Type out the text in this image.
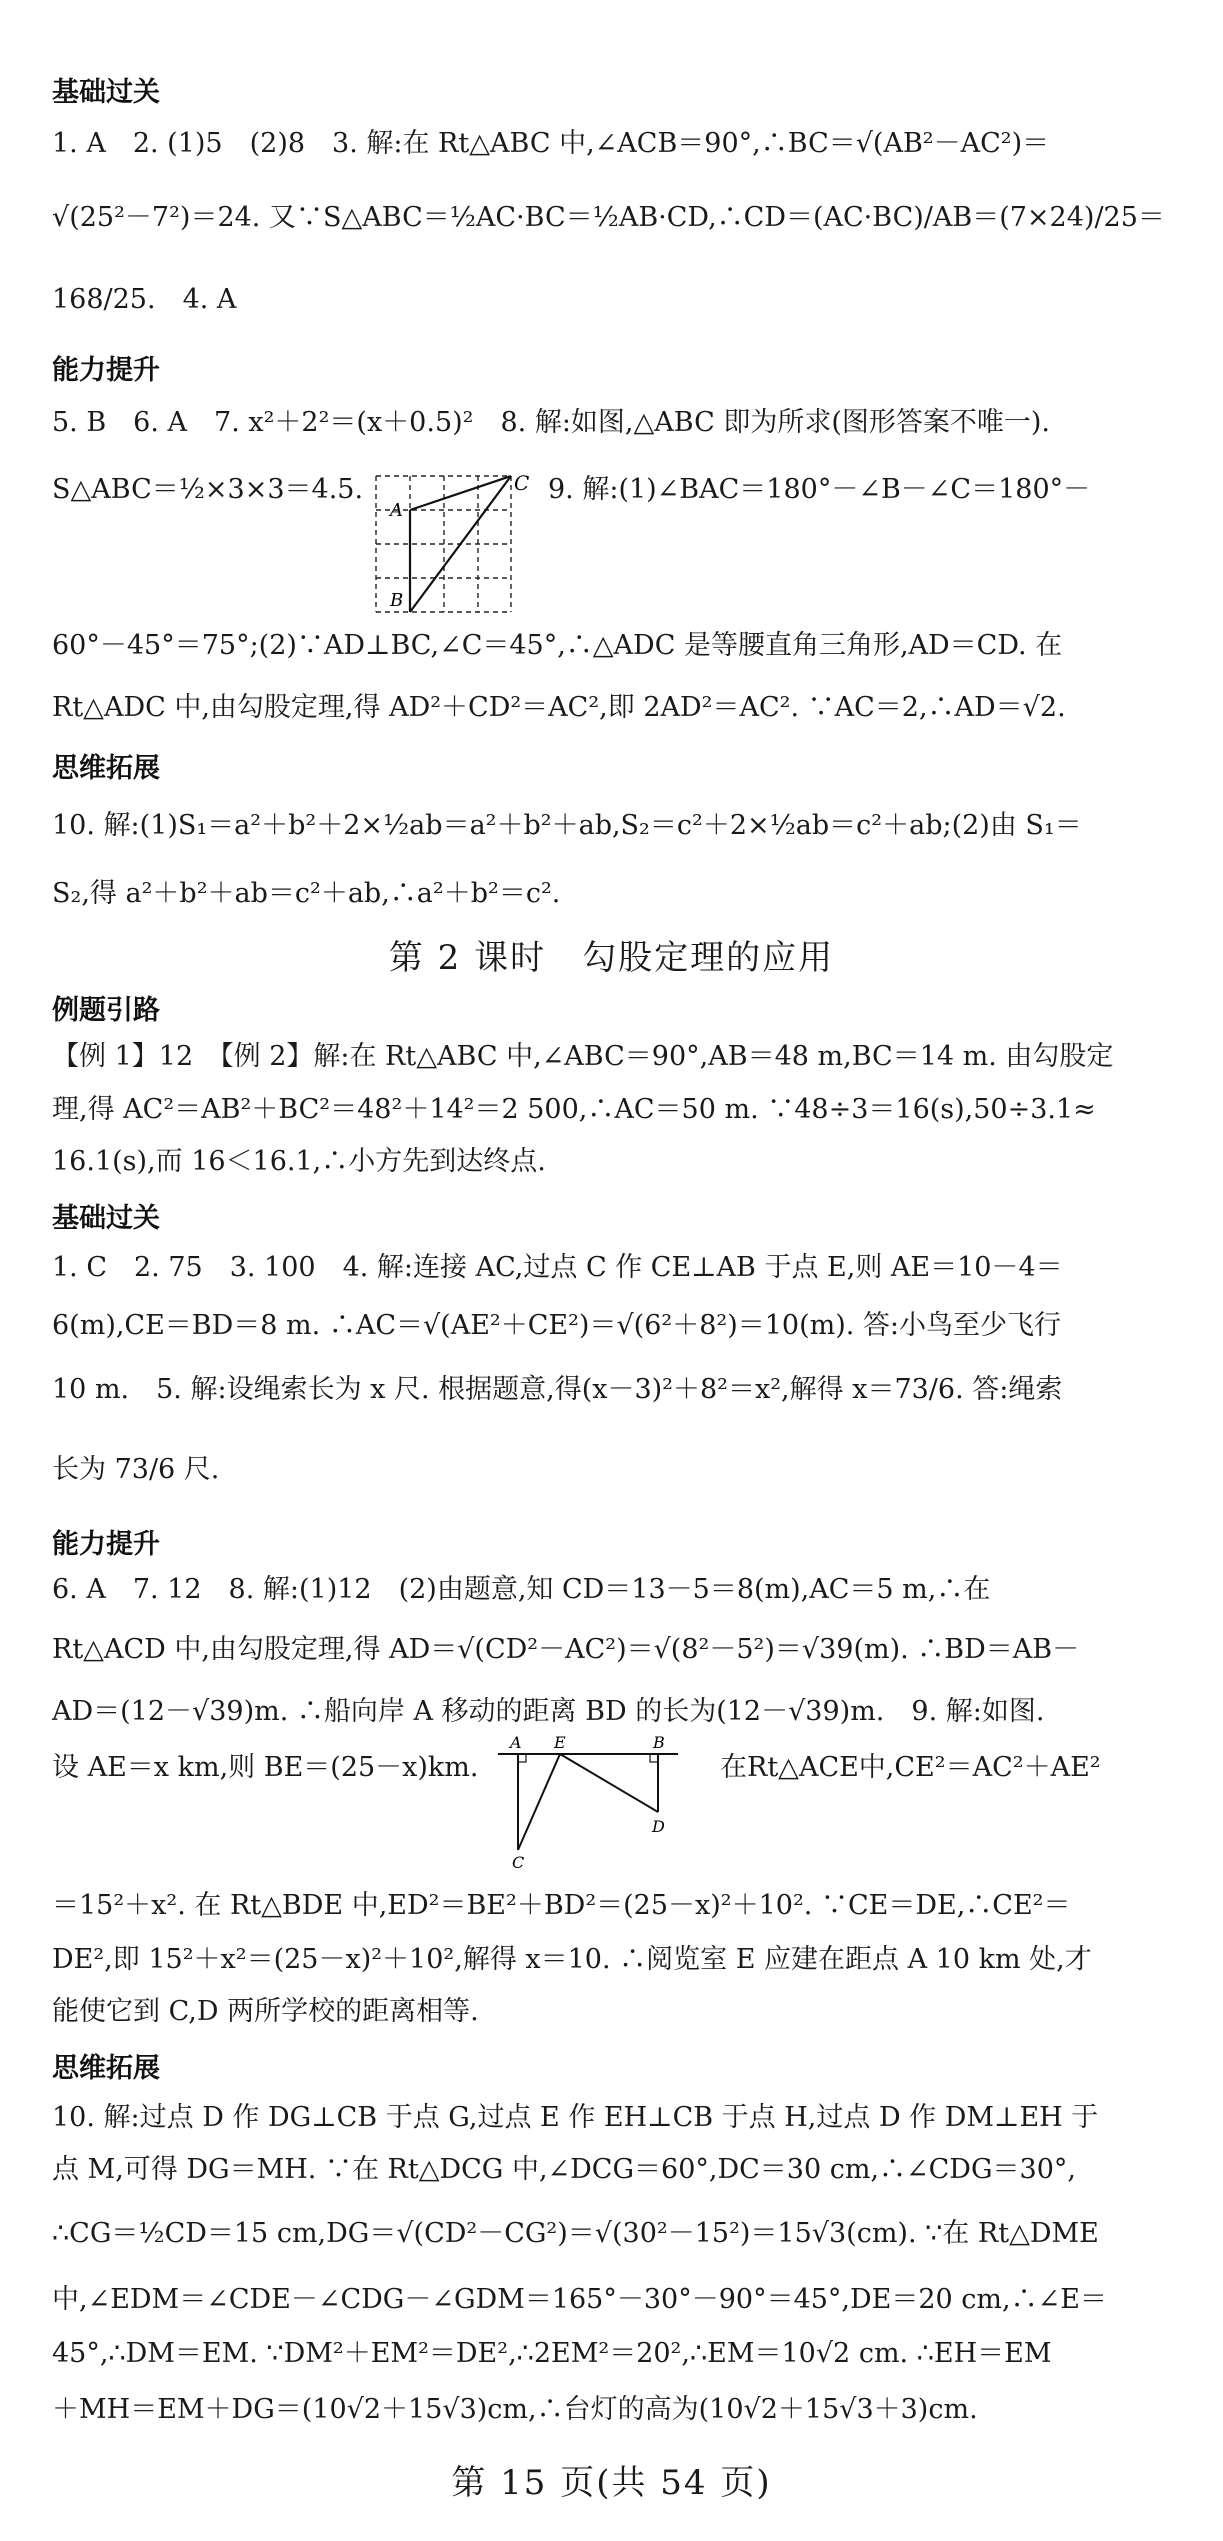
基础过关
1. A　2. (1)5　(2)8　3. 解:在 Rt△ABC 中,∠ACB＝90°,∴BC＝√(AB²－AC²)＝
√(25²－7²)＝24. 又∵S△ABC＝½AC·BC＝½AB·CD,∴CD＝(AC·BC)/AB＝(7×24)/25＝
168/25.　4. A
能力提升
5. B　6. A　7. x²＋2²＝(x＋0.5)²　8. 解:如图,△ABC 即为所求(图形答案不唯一).
S△ABC＝½×3×3＝4.5.
A
B
C 9. 解:(1)∠BAC＝180°－∠B－∠C＝180°－
60°－45°＝75°;(2)∵AD⊥BC,∠C＝45°,∴△ADC 是等腰直角三角形,AD＝CD. 在
Rt△ADC 中,由勾股定理,得 AD²＋CD²＝AC²,即 2AD²＝AC². ∵AC＝2,∴AD＝√2.
思维拓展
10. 解:(1)S₁＝a²＋b²＋2×½ab＝a²＋b²＋ab,S₂＝c²＋2×½ab＝c²＋ab;(2)由 S₁＝
S₂,得 a²＋b²＋ab＝c²＋ab,∴a²＋b²＝c².
第 2 课时　勾股定理的应用
例题引路
【例 1】12　【例 2】解:在 Rt△ABC 中,∠ABC＝90°,AB＝48 m,BC＝14 m. 由勾股定
理,得 AC²＝AB²＋BC²＝48²＋14²＝2 500,∴AC＝50 m. ∵48÷3＝16(s),50÷3.1≈
16.1(s),而 16＜16.1,∴小方先到达终点.
基础过关
1. C　2. 75　3. 100　4. 解:连接 AC,过点 C 作 CE⊥AB 于点 E,则 AE＝10－4＝
6(m),CE＝BD＝8 m. ∴AC＝√(AE²＋CE²)＝√(6²＋8²)＝10(m). 答:小鸟至少飞行
10 m.　5. 解:设绳索长为 x 尺. 根据题意,得(x－3)²＋8²＝x²,解得 x＝73/6. 答:绳索
长为 73/6 尺.
能力提升
6. A　7. 12　8. 解:(1)12　(2)由题意,知 CD＝13－5＝8(m),AC＝5 m,∴在
Rt△ACD 中,由勾股定理,得 AD＝√(CD²－AC²)＝√(8²－5²)＝√39(m). ∴BD＝AB－
AD＝(12－√39)m. ∴船向岸 A 移动的距离 BD 的长为(12－√39)m.　9. 解:如图.
设 AE＝x km,则 BE＝(25－x)km.
A E	B
D
C
在Rt△ACE中,CE²＝AC²＋AE²
＝15²＋x². 在 Rt△BDE 中,ED²＝BE²＋BD²＝(25－x)²＋10². ∵CE＝DE,∴CE²＝
DE²,即 15²＋x²＝(25－x)²＋10²,解得 x＝10. ∴阅览室 E 应建在距点 A 10 km 处,才
能使它到 C,D 两所学校的距离相等.
思维拓展
10. 解:过点 D 作 DG⊥CB 于点 G,过点 E 作 EH⊥CB 于点 H,过点 D 作 DM⊥EH 于
点 M,可得 DG＝MH. ∵在 Rt△DCG 中,∠DCG＝60°,DC＝30 cm,∴∠CDG＝30°,
∴CG＝½CD＝15 cm,DG＝√(CD²－CG²)＝√(30²－15²)＝15√3(cm). ∵在 Rt△DME
中,∠EDM＝∠CDE－∠CDG－∠GDM＝165°－30°－90°＝45°,DE＝20 cm,∴∠E＝
45°,∴DM＝EM. ∵DM²＋EM²＝DE²,∴2EM²＝20²,∴EM＝10√2 cm. ∴EH＝EM
＋MH＝EM＋DG＝(10√2＋15√3)cm,∴台灯的高为(10√2＋15√3＋3)cm.
第 15 页(共 54 页)
